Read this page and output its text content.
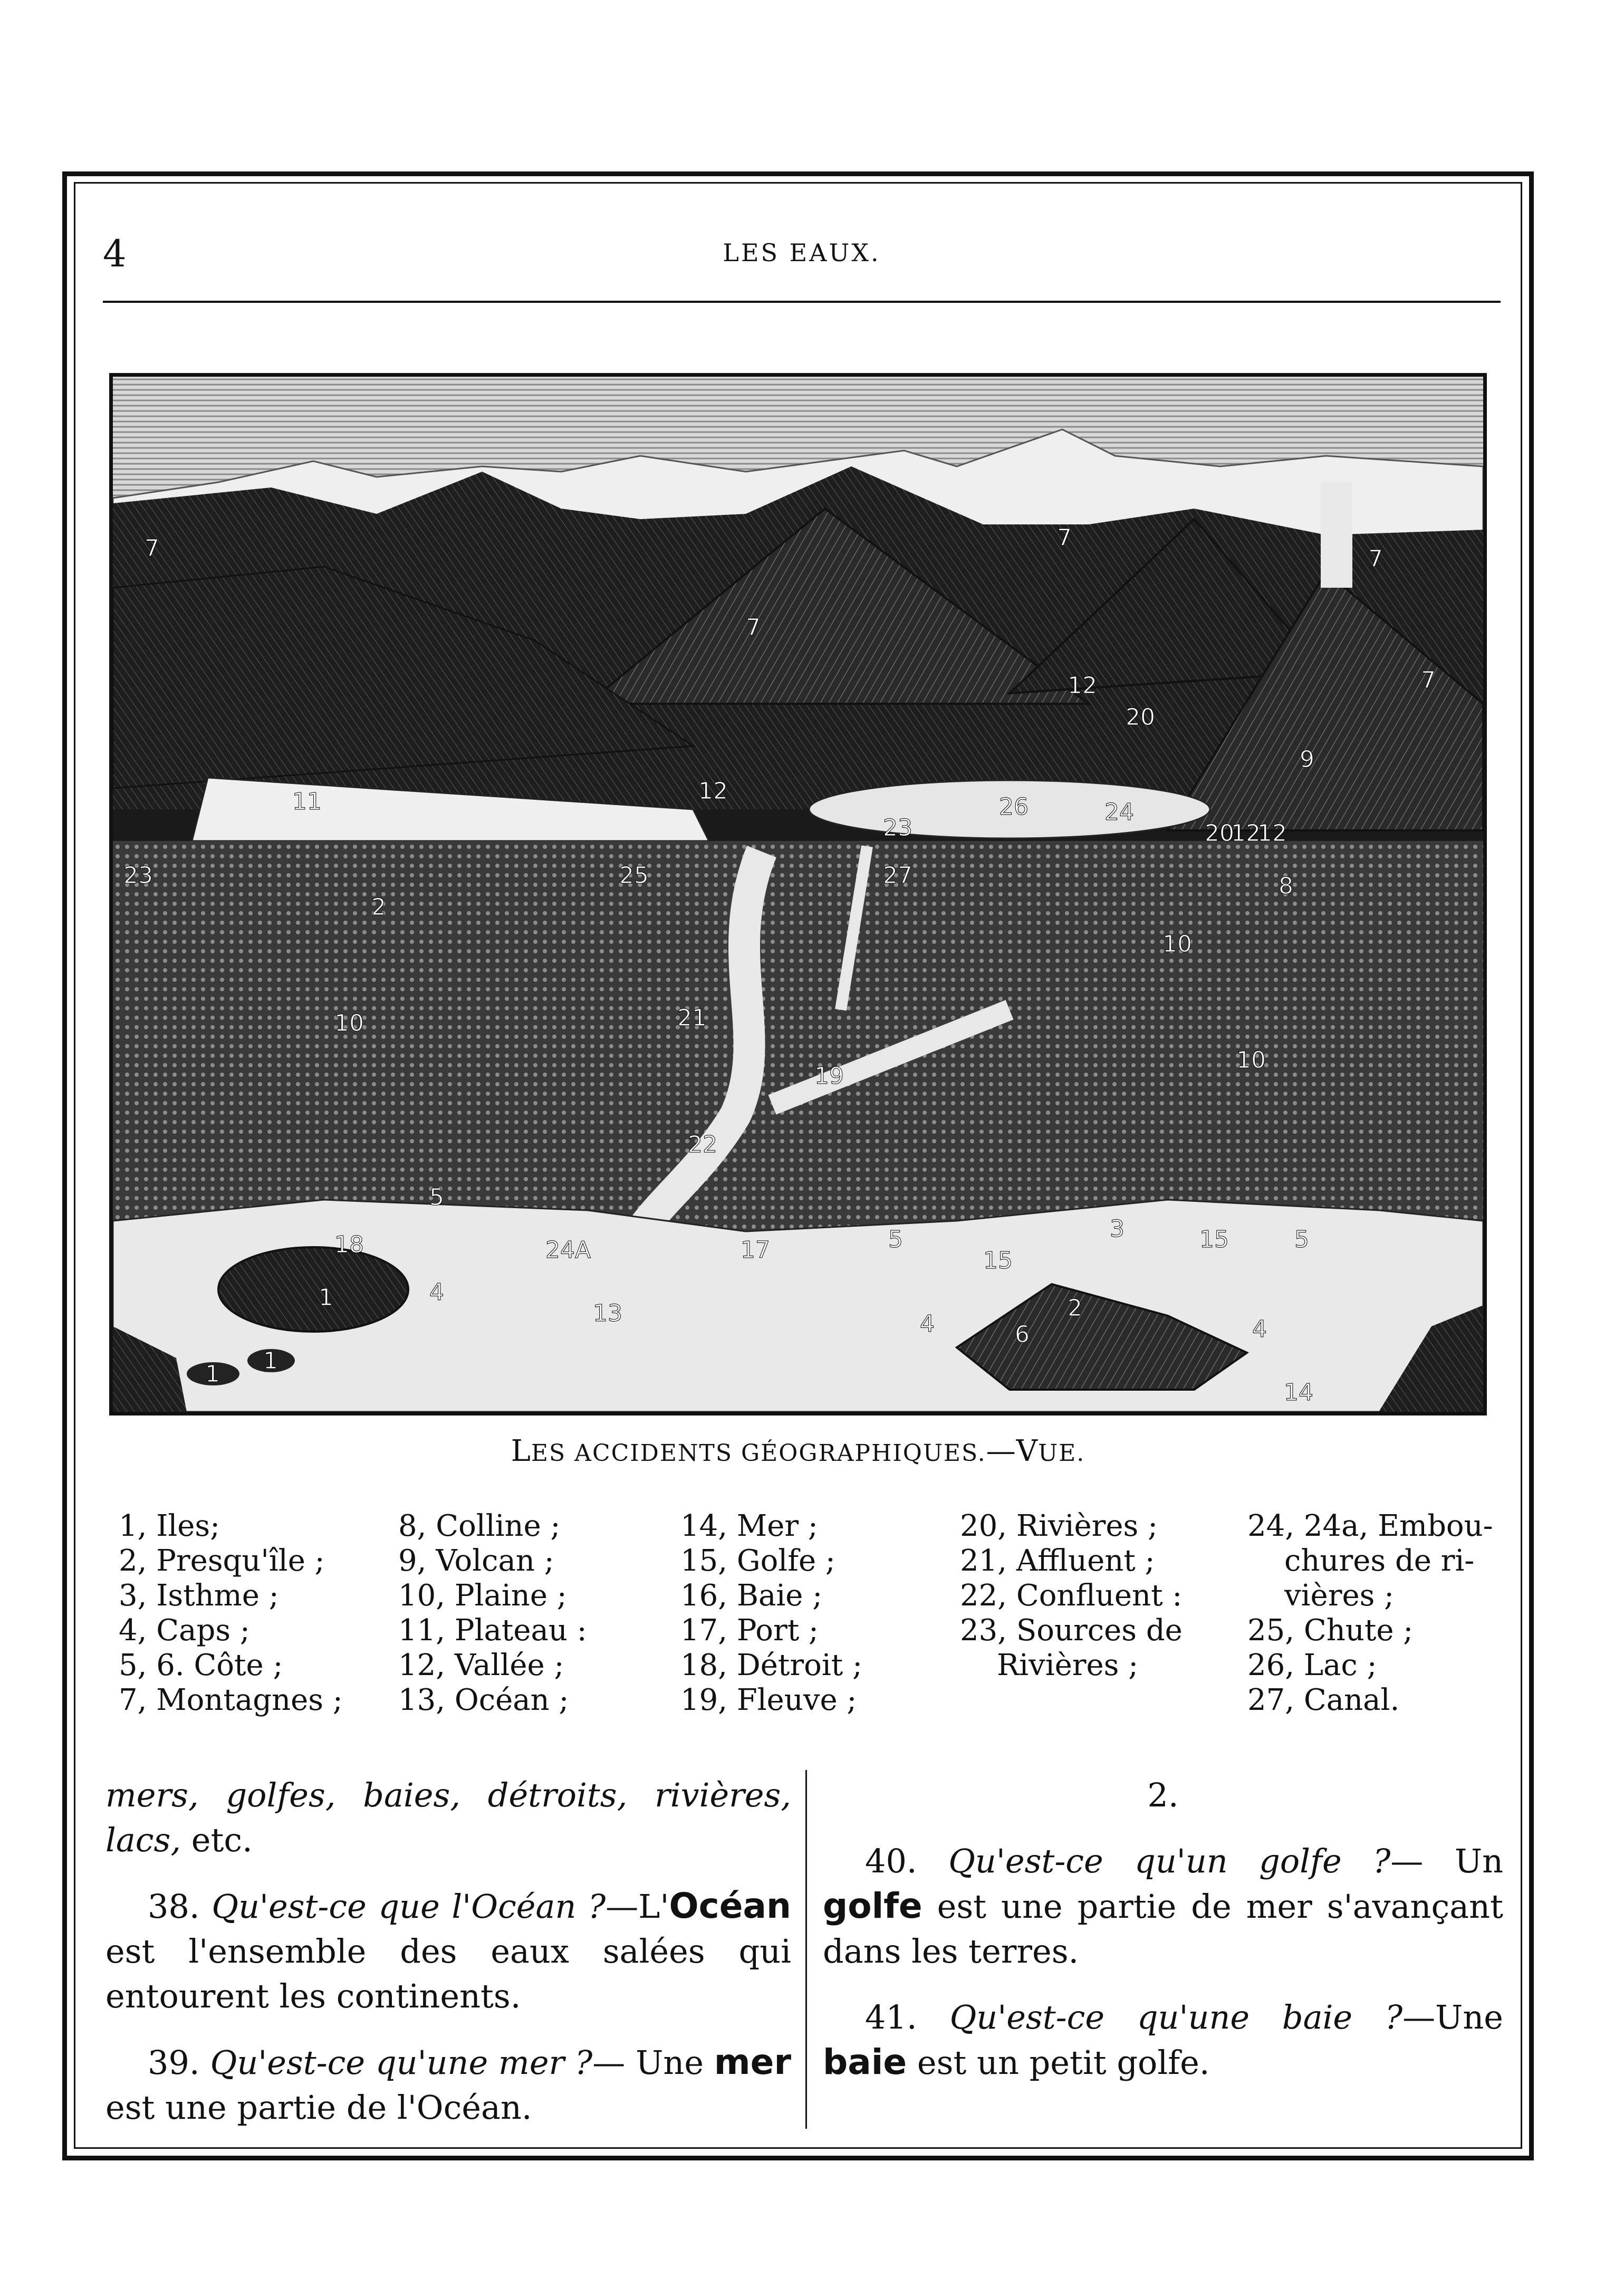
4	LES EAUX.
7
7
7
7
7
11	12
12
12
26	24
20
9
20
12
8
23
25	27
23
2
10
10	21
10
19
22
5
18
1	4
24A	17	5
15
3	15	5
13	2
6
4	4
1 1
14
LES ACCIDENTS GÉOGRAPHIQUES.—VUE.
1, Iles;
2, Presqu'île ;
3, Isthme ;
4, Caps ;
5, 6. Côte ;
7, Montagnes ;
8, Colline ;
9, Volcan ;
10, Plaine ;
11, Plateau :
12, Vallée ;
13, Océan ;
14, Mer ;
15, Golfe ;
16, Baie ;
17, Port ;
18, Détroit ;
19, Fleuve ;
20, Rivières ;
21, Affluent ;
22, Confluent :
23, Sources de
Rivières ;
24, 24a, Embou-
chures de ri-
vières ;
25, Chute ;
26, Lac ;
27, Canal.

mers, golfes, baies, détroits, rivières, lacs, etc.

38. Qu'est-ce que l'Océan ?—L'Océan est l'ensemble des eaux salées qui entourent les continents.

39. Qu'est-ce qu'une mer ?— Une mer est une partie de l'Océan.

2.

40. Qu'est-ce qu'un golfe ?— Un golfe est une partie de mer s'avançant dans les terres.

41. Qu'est-ce qu'une baie ?—Une baie est un petit golfe.
